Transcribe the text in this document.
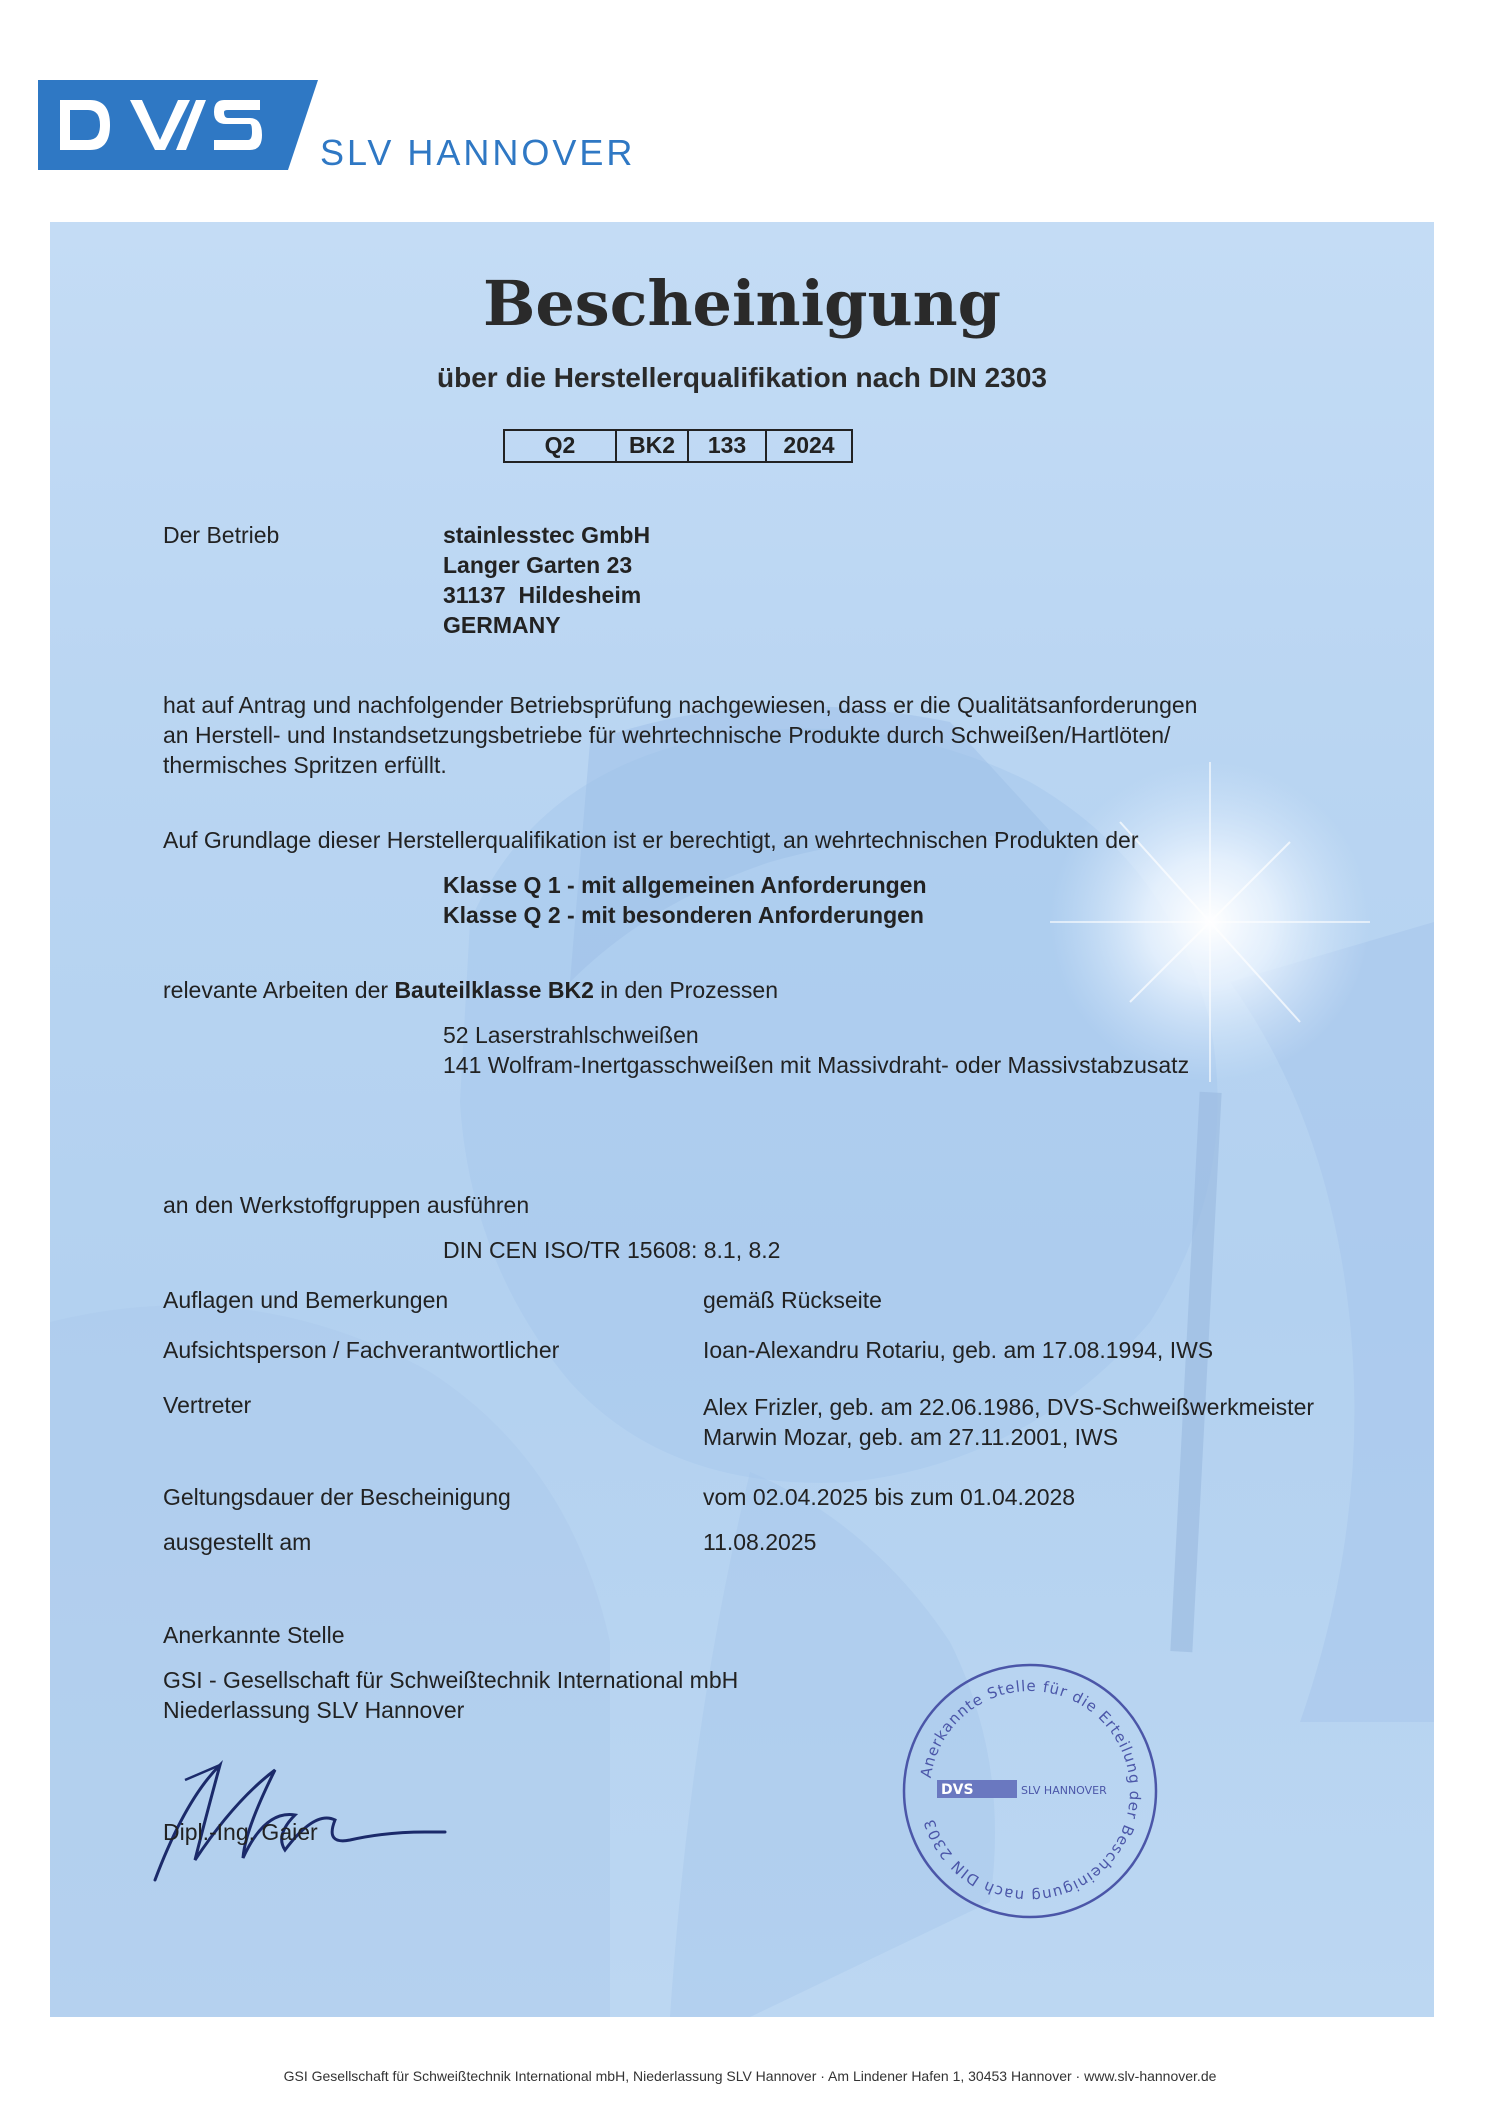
SLV HANNOVER
Bescheinigung
über die Herstellerqualifikation nach DIN 2303
Q2	BK2	133	2024
Der Betrieb	stainlesstec GmbH
Langer Garten 23
31137  Hildesheim
GERMANY
hat auf Antrag und nachfolgender Betriebsprüfung nachgewiesen, dass er die Qualitätsanforderungen
an Herstell- und Instandsetzungsbetriebe für wehrtechnische Produkte durch Schweißen/Hartlöten/
thermisches Spritzen erfüllt.
Auf Grundlage dieser Herstellerqualifikation ist er berechtigt, an wehrtechnischen Produkten der
Klasse Q 1 - mit allgemeinen Anforderungen
Klasse Q 2 - mit besonderen Anforderungen
relevante Arbeiten der Bauteilklasse BK2 in den Prozessen
52 Laserstrahlschweißen
141 Wolfram-Inertgasschweißen mit Massivdraht- oder Massivstabzusatz
an den Werkstoffgruppen ausführen
DIN CEN ISO/TR 15608: 8.1, 8.2
Auflagen und Bemerkungen	gemäß Rückseite
Aufsichtsperson / Fachverantwortlicher	Ioan-Alexandru Rotariu, geb. am 17.08.1994, IWS
Vertreter	Alex Frizler, geb. am 22.06.1986, DVS-Schweißwerkmeister
Marwin Mozar, geb. am 27.11.2001, IWS
Geltungsdauer der Bescheinigung	vom 02.04.2025 bis zum 01.04.2028
ausgestellt am	11.08.2025
Anerkannte Stelle
GSI - Gesellschaft für Schweißtechnik International mbH
Niederlassung SLV Hannover
Dipl.-Ing. Gaier
Anerkannte Stelle für die Erteilung der Bescheinigung nach DIN 2303
DVS	SLV HANNOVER
GSI Gesellschaft für Schweißtechnik International mbH, Niederlassung SLV Hannover · Am Lindener Hafen 1, 30453 Hannover · www.slv-hannover.de
